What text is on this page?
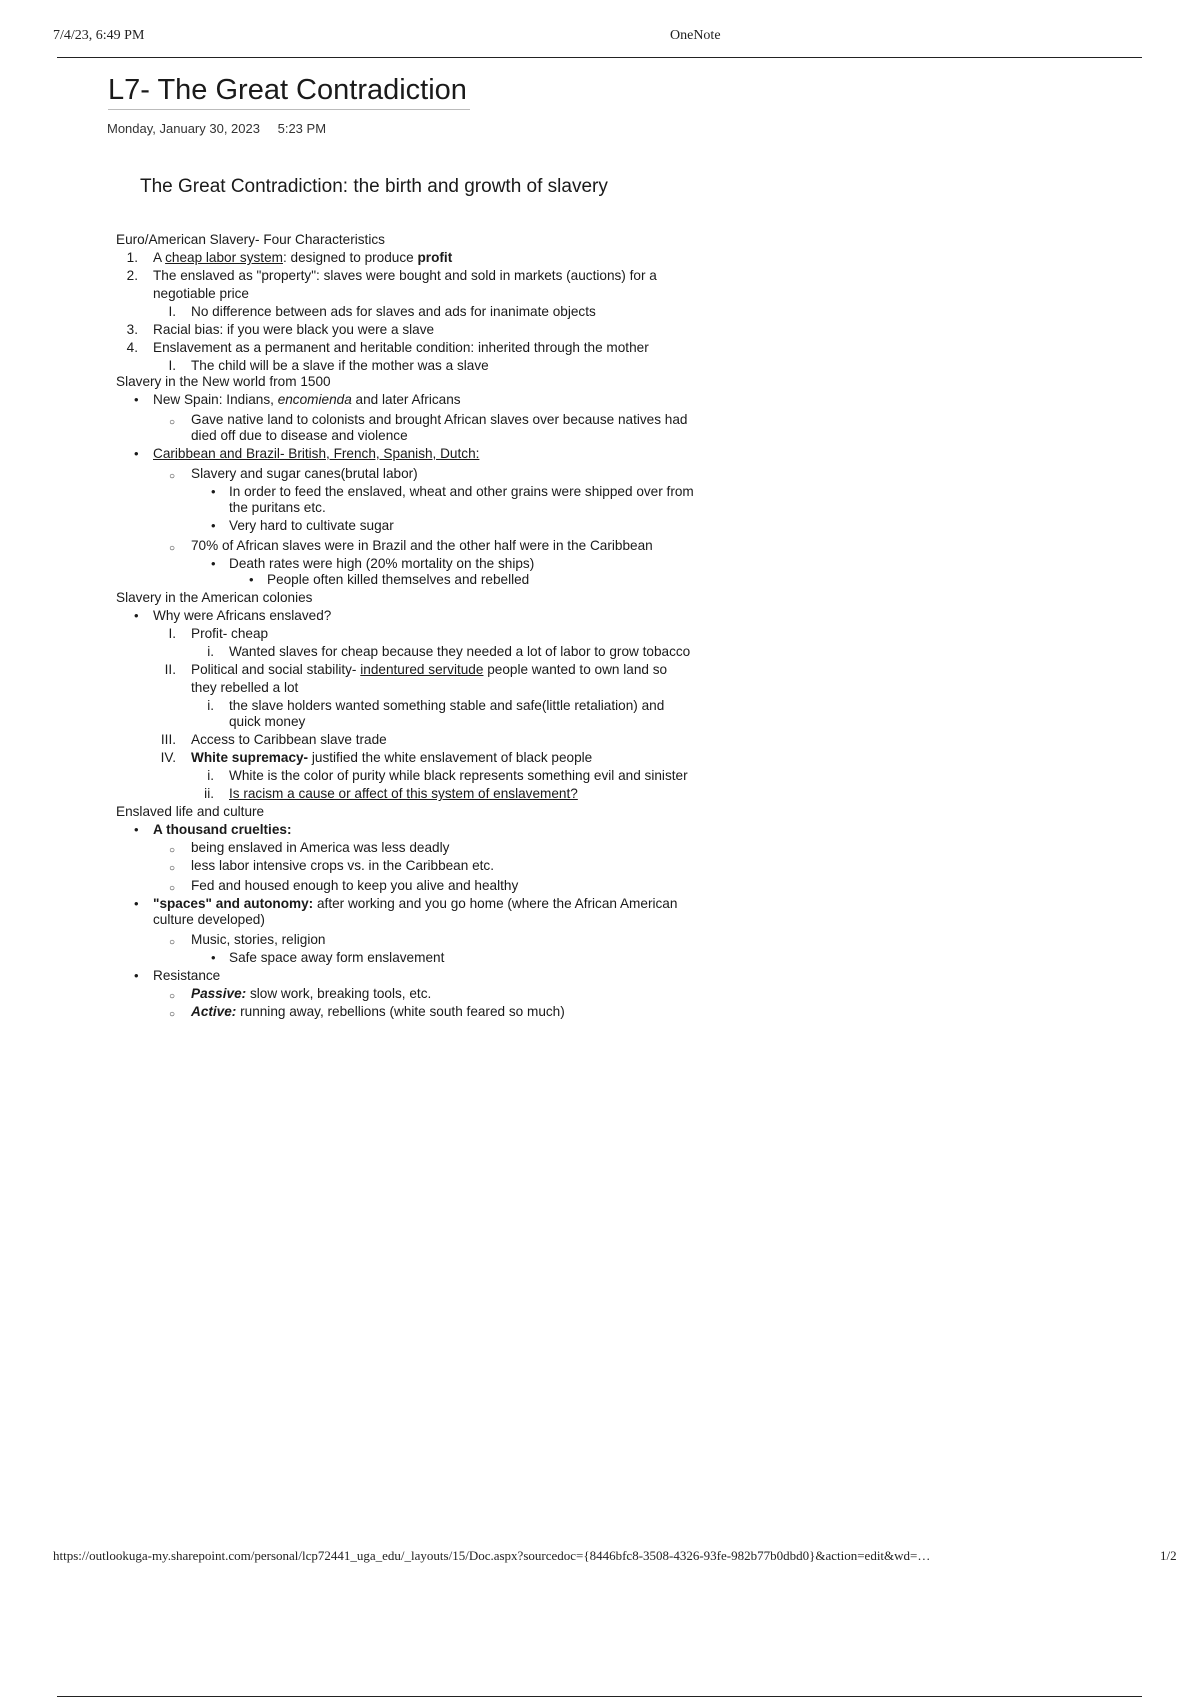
7/4/23, 6:49 PM	OneNote
L7- The Great Contradiction
Monday, January 30, 2023 5:23 PM
The Great Contradiction: the birth and growth of slavery
Euro/American Slavery- Four Characteristics
1. A cheap labor system: designed to produce profit
2. The enslaved as "property": slaves were bought and sold in markets (auctions) for a
negotiable price
I. No difference between ads for slaves and ads for inanimate objects
3. Racial bias: if you were black you were a slave
4. Enslavement as a permanent and heritable condition: inherited through the mother
I. The child will be a slave if the mother was a slave
Slavery in the New world from 1500
• New Spain: Indians, encomienda and later Africans
○ Gave native land to colonists and brought African slaves over because natives had
died off due to disease and violence
• Caribbean and Brazil- British, French, Spanish, Dutch:
○ Slavery and sugar canes(brutal labor)
• In order to feed the enslaved, wheat and other grains were shipped over from
the puritans etc.
• Very hard to cultivate sugar
○ 70% of African slaves were in Brazil and the other half were in the Caribbean
• Death rates were high (20% mortality on the ships)
• People often killed themselves and rebelled
Slavery in the American colonies
• Why were Africans enslaved?
I. Profit- cheap
i. Wanted slaves for cheap because they needed a lot of labor to grow tobacco
II. Political and social stability- indentured servitude people wanted to own land so
they rebelled a lot
i. the slave holders wanted something stable and safe(little retaliation) and
quick money
III. Access to Caribbean slave trade
IV. White supremacy- justified the white enslavement of black people
i. White is the color of purity while black represents something evil and sinister
ii. Is racism a cause or affect of this system of enslavement?
Enslaved life and culture
• A thousand cruelties:
○ being enslaved in America was less deadly
○ less labor intensive crops vs. in the Caribbean etc.
○ Fed and housed enough to keep you alive and healthy
• "spaces" and autonomy: after working and you go home (where the African American
culture developed)
○ Music, stories, religion
• Safe space away form enslavement
• Resistance
○ Passive: slow work, breaking tools, etc.
○ Active: running away, rebellions (white south feared so much)
https://outlookuga-my.sharepoint.com/personal/lcp72441_uga_edu/_layouts/15/Doc.aspx?sourcedoc={8446bfc8-3508-4326-93fe-982b77b0dbd0}&action=edit&wd=…	1/2
